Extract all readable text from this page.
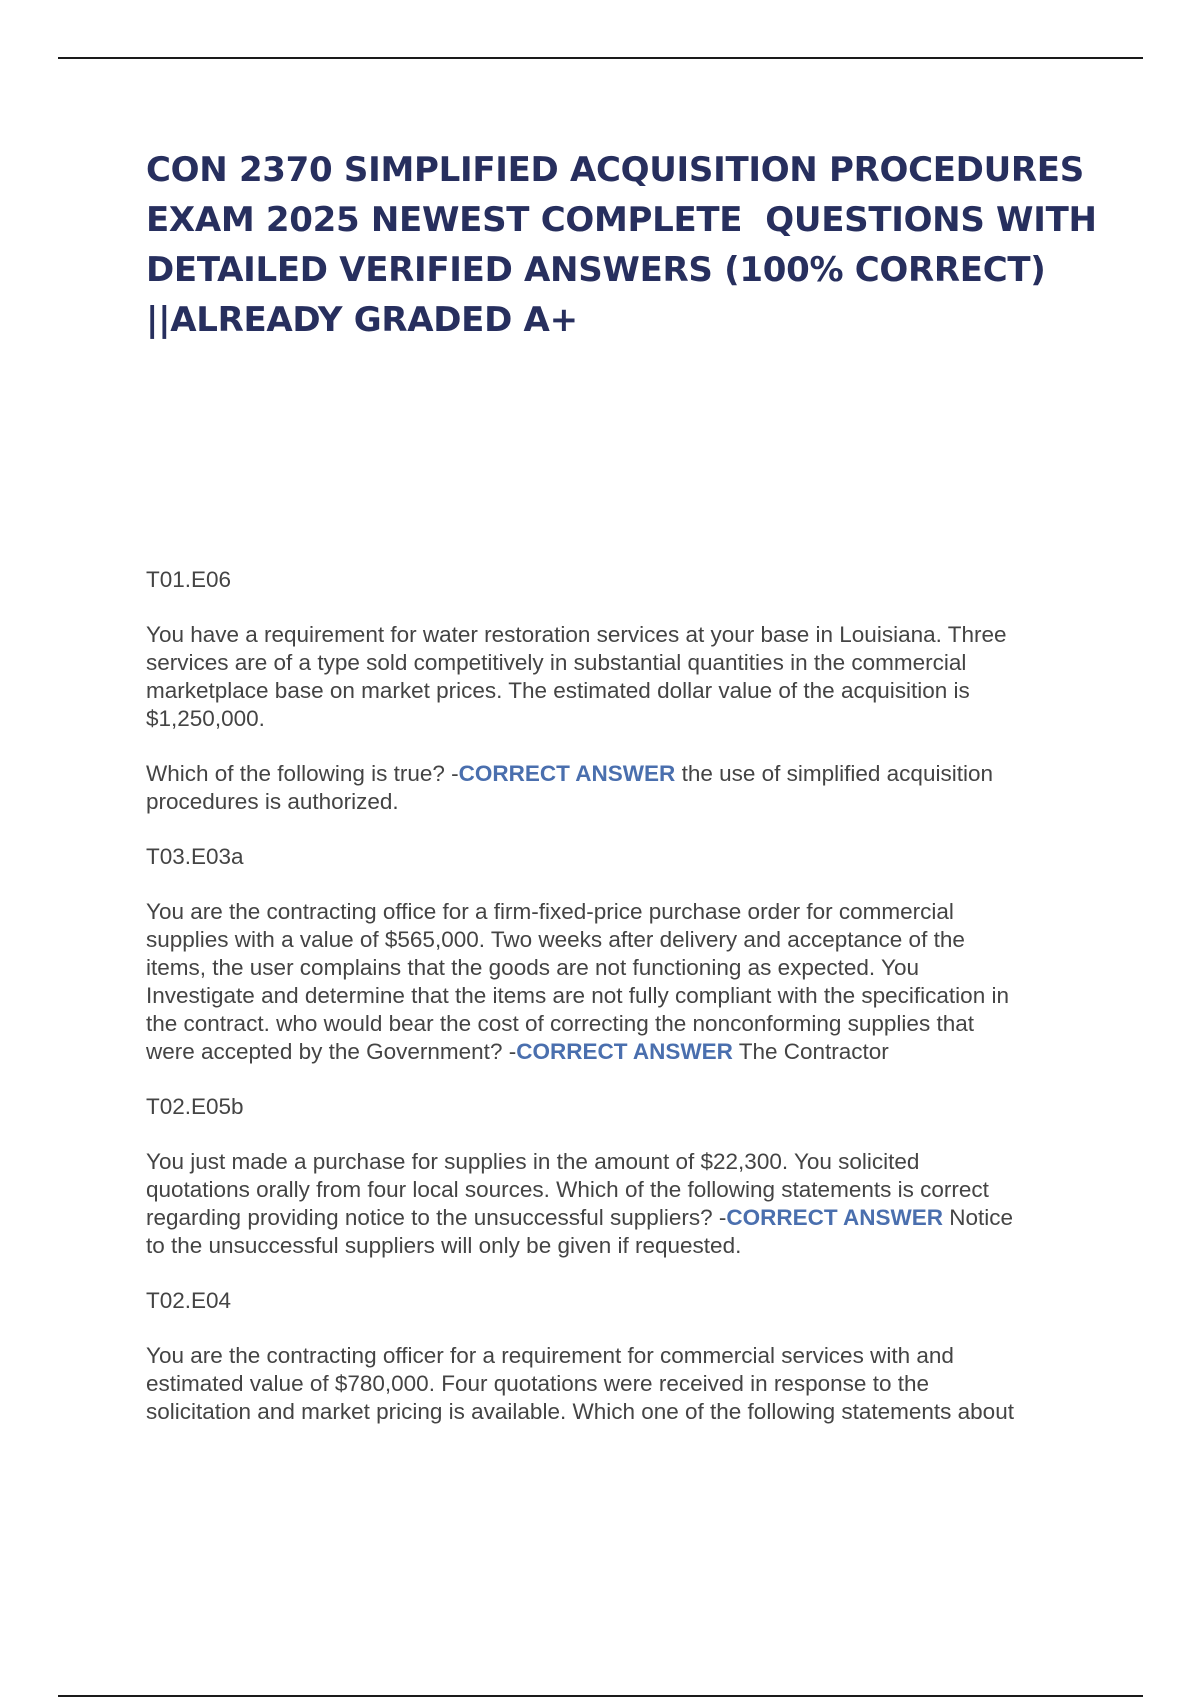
CON 2370 SIMPLIFIED ACQUISITION PROCEDURES
EXAM 2025 NEWEST COMPLETE  QUESTIONS WITH
DETAILED VERIFIED ANSWERS (100% CORRECT)
||ALREADY GRADED A+
T01.E06
You have a requirement for water restoration services at your base in Louisiana. Three
services are of a type sold competitively in substantial quantities in the commercial
marketplace base on market prices. The estimated dollar value of the acquisition is
$1,250,000.
Which of the following is true? -CORRECT ANSWER the use of simplified acquisition
procedures is authorized.
T03.E03a
You are the contracting office for a firm-fixed-price purchase order for commercial
supplies with a value of $565,000. Two weeks after delivery and acceptance of the
items, the user complains that the goods are not functioning as expected. You
Investigate and determine that the items are not fully compliant with the specification in
the contract. who would bear the cost of correcting the nonconforming supplies that
were accepted by the Government? -CORRECT ANSWER The Contractor
T02.E05b
You just made a purchase for supplies in the amount of $22,300. You solicited
quotations orally from four local sources. Which of the following statements is correct
regarding providing notice to the unsuccessful suppliers? -CORRECT ANSWER Notice
to the unsuccessful suppliers will only be given if requested.
T02.E04
You are the contracting officer for a requirement for commercial services with and
estimated value of $780,000. Four quotations were received in response to the
solicitation and market pricing is available. Which one of the following statements about
